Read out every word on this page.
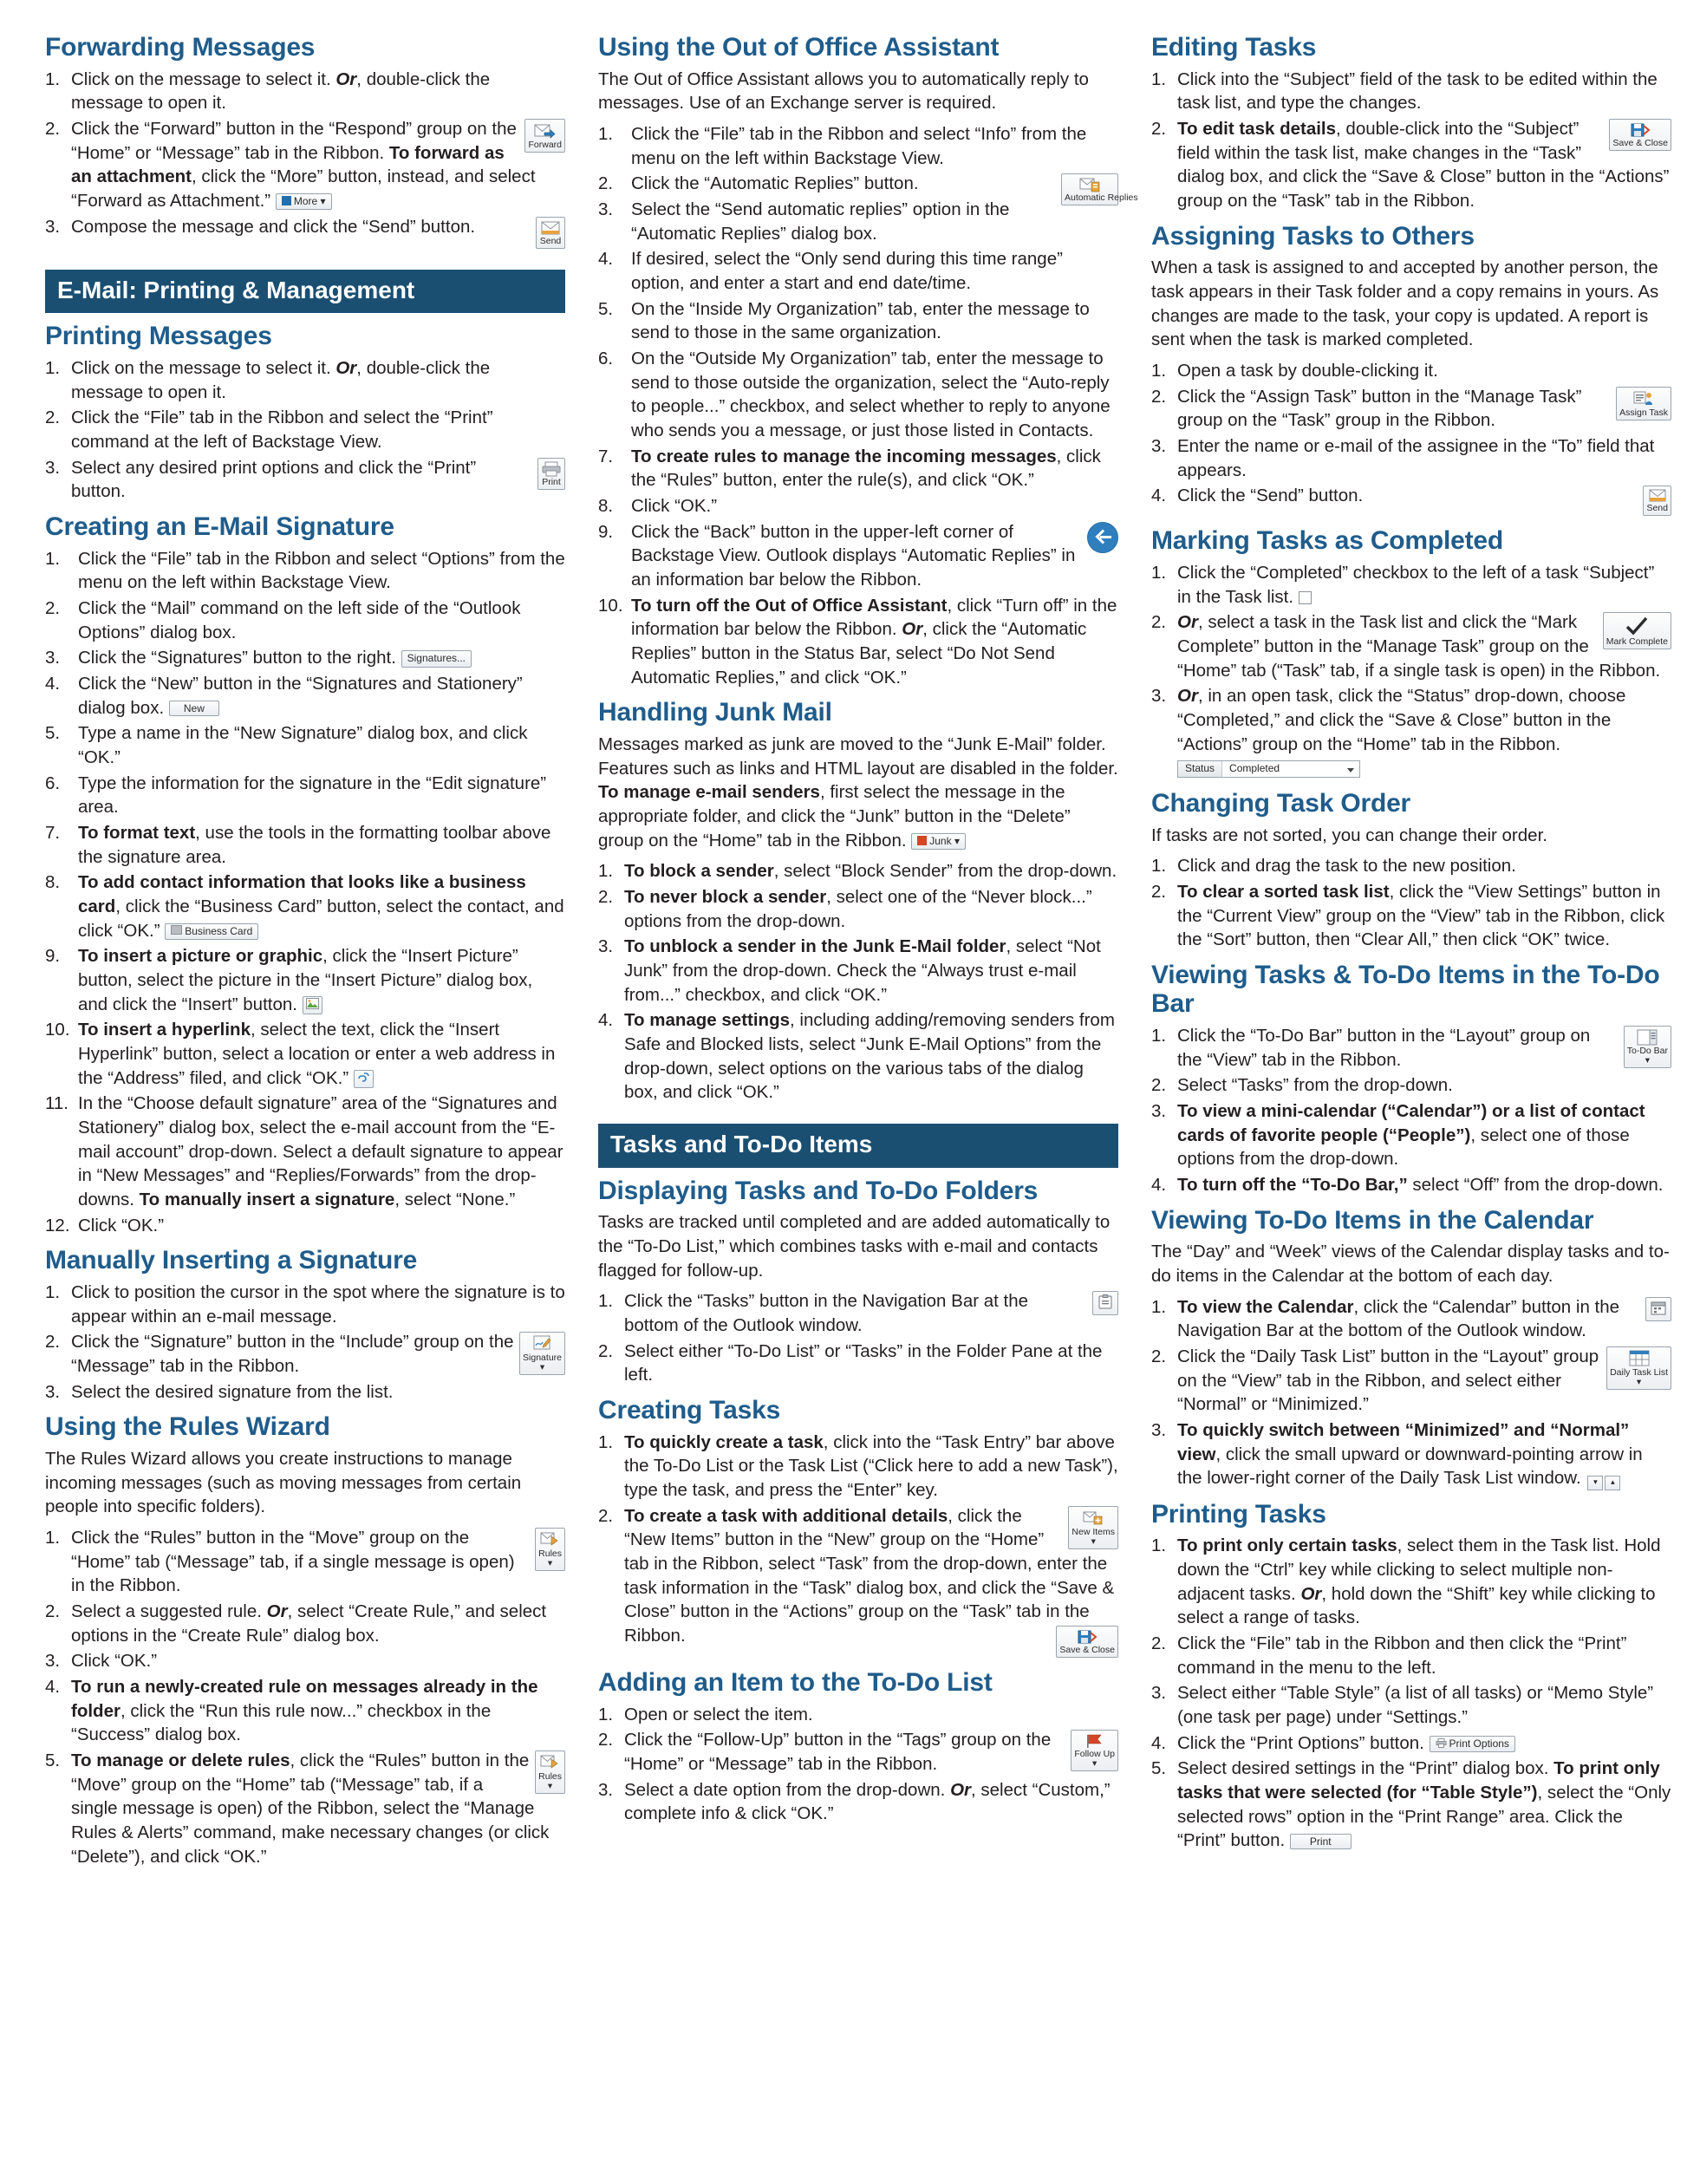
Forwarding Messages
Click on the message to select it. Or, double-click the message to open it.
Forward
Click the “Forward” button in the “Respond” group on the “Home” or “Message” tab in the Ribbon. To forward as an attachment, click the “More” button, instead, and select “Forward as Attachment.” More ▾
Send
Compose the message and click the “Send” button.
E-Mail: Printing & Management
Printing Messages
Click on the message to select it. Or, double-click the message to open it.
Click the “File” tab in the Ribbon and select the “Print” command at the left of Backstage View.
Print
Select any desired print options and click the “Print” button.
Creating an E-Mail Signature
Click the “File” tab in the Ribbon and select “Options” from the menu on the left within Backstage View.
Click the “Mail” command on the left side of the “Outlook Options” dialog box.
Click the “Signatures” button to the right. Signatures...
Click the “New” button in the “Signatures and Stationery” dialog box. New
Type a name in the “New Signature” dialog box, and click “OK.”
Type the information for the signature in the “Edit signature” area.
To format text, use the tools in the formatting toolbar above the signature area.
To add contact information that looks like a business card, click the “Business Card” button, select the contact, and click “OK.” Business Card
To insert a picture or graphic, click the “Insert Picture” button, select the picture in the “Insert Picture” dialog box, and click the “Insert” button.
To insert a hyperlink, select the text, click the “Insert Hyperlink” button, select a location or enter a web address in the “Address” filed, and click “OK.”
In the “Choose default signature” area of the “Signatures and Stationery” dialog box, select the e-mail account from the “E-mail account” drop-down. Select a default signature to appear in “New Messages” and “Replies/Forwards” from the drop-downs. To manually insert a signature, select “None.”
Click “OK.”
Manually Inserting a Signature
Click to position the cursor in the spot where the signature is to appear within an e-mail message.
Signature
▾
Click the “Signature” button in the “Include” group on the “Message” tab in the Ribbon.
Select the desired signature from the list.
Using the Rules Wizard

The Rules Wizard allows you create instructions to manage incoming messages (such as moving messages from certain people into specific folders).

Rules
▾
Click the “Rules” button in the “Move” group on the “Home” tab (“Message” tab, if a single message is open) in the Ribbon.
Select a suggested rule. Or, select “Create Rule,” and select options in the “Create Rule” dialog box.
Click “OK.”
To run a newly-created rule on messages already in the folder, click the “Run this rule now...” checkbox in the “Success” dialog box.
Rules
▾
To manage or delete rules, click the “Rules” button in the “Move” group on the “Home” tab (“Message” tab, if a single message is open) of the Ribbon, select the “Manage Rules & Alerts” command, make necessary changes (or click “Delete”), and click “OK.”
Using the Out of Office Assistant

The Out of Office Assistant allows you to automatically reply to messages. Use of an Exchange server is required.

Click the “File” tab in the Ribbon and select “Info” from the menu on the left within Backstage View.
Automatic Replies
Click the “Automatic Replies” button.
Select the “Send automatic replies” option in the “Automatic Replies” dialog box.
If desired, select the “Only send during this time range” option, and enter a start and end date/time.
On the “Inside My Organization” tab, enter the message to send to those in the same organization.
On the “Outside My Organization” tab, enter the message to send to those outside the organization, select the “Auto-reply to people...” checkbox, and select whether to reply to anyone who sends you a message, or just those listed in Contacts.
To create rules to manage the incoming messages, click the “Rules” button, enter the rule(s), and click “OK.”
Click “OK.”
Click the “Back” button in the upper-left corner of Backstage View. Outlook displays “Automatic Replies” in an information bar below the Ribbon.
To turn off the Out of Office Assistant, click “Turn off” in the information bar below the Ribbon. Or, click the “Automatic Replies” button in the Status Bar, select “Do Not Send Automatic Replies,” and click “OK.”
Handling Junk Mail

Messages marked as junk are moved to the “Junk E-Mail” folder. Features such as links and HTML layout are disabled in the folder. To manage e-mail senders, first select the message in the appropriate folder, and click the “Junk” button in the “Delete” group on the “Home” tab in the Ribbon. Junk ▾

To block a sender, select “Block Sender” from the drop-down.
To never block a sender, select one of the “Never block...” options from the drop-down.
To unblock a sender in the Junk E-Mail folder, select “Not Junk” from the drop-down. Check the “Always trust e-mail from...” checkbox, and click “OK.”
To manage settings, including adding/removing senders from Safe and Blocked lists, select “Junk E-Mail Options” from the drop-down, select options on the various tabs of the dialog box, and click “OK.”
Tasks and To-Do Items
Displaying Tasks and To-Do Folders

Tasks are tracked until completed and are added automatically to the “To-Do List,” which combines tasks with e-mail and contacts flagged for follow-up.

Click the “Tasks” button in the Navigation Bar at the bottom of the Outlook window.
Select either “To-Do List” or “Tasks” in the Folder Pane at the left.
Creating Tasks
To quickly create a task, click into the “Task Entry” bar above the To-Do List or the Task List (“Click here to add a new Task”), type the task, and press the “Enter” key.
New Items
▾
To create a task with additional details, click the “New Items” button in the “New” group on the “Home” tab in the Ribbon, select “Task” from the drop-down, enter the task information in the “Task” dialog box, and click the “Save & Close” button in the “Actions” group on the “Task” tab in the Ribbon.
Save & Close
Adding an Item to the To-Do List
Open or select the item.
Follow Up
▾
Click the “Follow-Up” button in the “Tags” group on the “Home” or “Message” tab in the Ribbon.
Select a date option from the drop-down. Or, select “Custom,” complete info & click “OK.”
Editing Tasks
Click into the “Subject” field of the task to be edited within the task list, and type the changes.
Save & Close
To edit task details, double-click into the “Subject” field within the task list, make changes in the “Task” dialog box, and click the “Save & Close” button in the “Actions” group on the “Task” tab in the Ribbon.
Assigning Tasks to Others

When a task is assigned to and accepted by another person, the task appears in their Task folder and a copy remains in yours. As changes are made to the task, your copy is updated. A report is sent when the task is marked completed.

Open a task by double-clicking it.
Assign Task
Click the “Assign Task” button in the “Manage Task” group on the “Task” group in the Ribbon.
Enter the name or e-mail of the assignee in the “To” field that appears.
Send
Click the “Send” button.
Marking Tasks as Completed
Click the “Completed” checkbox to the left of a task “Subject” in the Task list.
Mark Complete
Or, select a task in the Task list and click the “Mark Complete” button in the “Manage Task” group on the “Home” tab (“Task” tab, if a single task is open) in the Ribbon.
Or, in an open task, click the “Status” drop-down, choose “Completed,” and click the “Save & Close” button in the “Actions” group on the “Home” tab in the Ribbon. Status Completed
Changing Task Order

If tasks are not sorted, you can change their order.

Click and drag the task to the new position.
To clear a sorted task list, click the “View Settings” button in the “Current View” group on the “View” tab in the Ribbon, click the “Sort” button, then “Clear All,” then click “OK” twice.
Viewing Tasks & To-Do Items in the To-Do Bar
To-Do Bar
▾
Click the “To-Do Bar” button in the “Layout” group on the “View” tab in the Ribbon.
Select “Tasks” from the drop-down.
To view a mini-calendar (“Calendar”) or a list of contact cards of favorite people (“People”), select one of those options from the drop-down.
To turn off the “To-Do Bar,” select “Off” from the drop-down.
Viewing To-Do Items in the Calendar

The “Day” and “Week” views of the Calendar display tasks and to-do items in the Calendar at the bottom of each day.

To view the Calendar, click the “Calendar” button in the Navigation Bar at the bottom of the Outlook window.
Daily Task List
▾
Click the “Daily Task List” button in the “Layout” group on the “View” tab in the Ribbon, and select either “Normal” or “Minimized.”
To quickly switch between “Minimized” and “Normal” view, click the small upward or downward-pointing arrow in the lower-right corner of the Daily Task List window. ▾ ▴
Printing Tasks
To print only certain tasks, select them in the Task list. Hold down the “Ctrl” key while clicking to select multiple non-adjacent tasks. Or, hold down the “Shift” key while clicking to select a range of tasks.
Click the “File” tab in the Ribbon and then click the “Print” command in the menu to the left.
Select either “Table Style” (a list of all tasks) or “Memo Style” (one task per page) under “Settings.”
Click the “Print Options” button. Print Options
Select desired settings in the “Print” dialog box. To print only tasks that were selected (for “Table Style”), select the “Only selected rows” option in the “Print Range” area. Click the “Print” button. Print
